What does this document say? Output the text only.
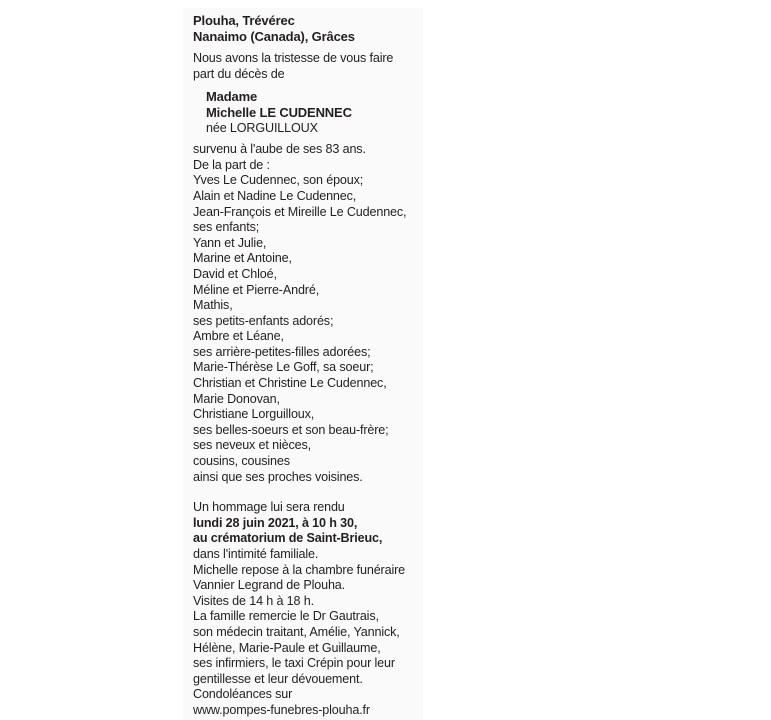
Plouha, Trévérec
Nanaimo (Canada), Grâces
Nous avons la tristesse de vous faire
part du décès de
Madame
Michelle LE CUDENNEC
née LORGUILLOUX
survenu à l'aube de ses 83 ans.
De la part de :
Yves Le Cudennec, son époux;
Alain et Nadine Le Cudennec,
Jean-François et Mireille Le Cudennec,
ses enfants;
Yann et Julie,
Marine et Antoine,
David et Chloé,
Méline et Pierre-André,
Mathis,
ses petits-enfants adorés;
Ambre et Léane,
ses arrière-petites-filles adorées;
Marie-Thérèse Le Goff, sa soeur;
Christian et Christine Le Cudennec,
Marie Donovan,
Christiane Lorguilloux,
ses belles-soeurs et son beau-frère;
ses neveux et nièces,
cousins, cousines
ainsi que ses proches voisines.
Un hommage lui sera rendu
lundi 28 juin 2021, à 10 h 30,
au crématorium de Saint-Brieuc,
dans l'intimité familiale.
Michelle repose à la chambre funéraire
Vannier Legrand de Plouha.
Visites de 14 h à 18 h.
La famille remercie le Dr Gautrais,
son médecin traitant, Amélie, Yannick,
Hélène, Marie-Paule et Guillaume,
ses infirmiers, le taxi Crépin pour leur
gentillesse et leur dévouement.
Condoléances sur
www.pompes-funebres-plouha.fr
